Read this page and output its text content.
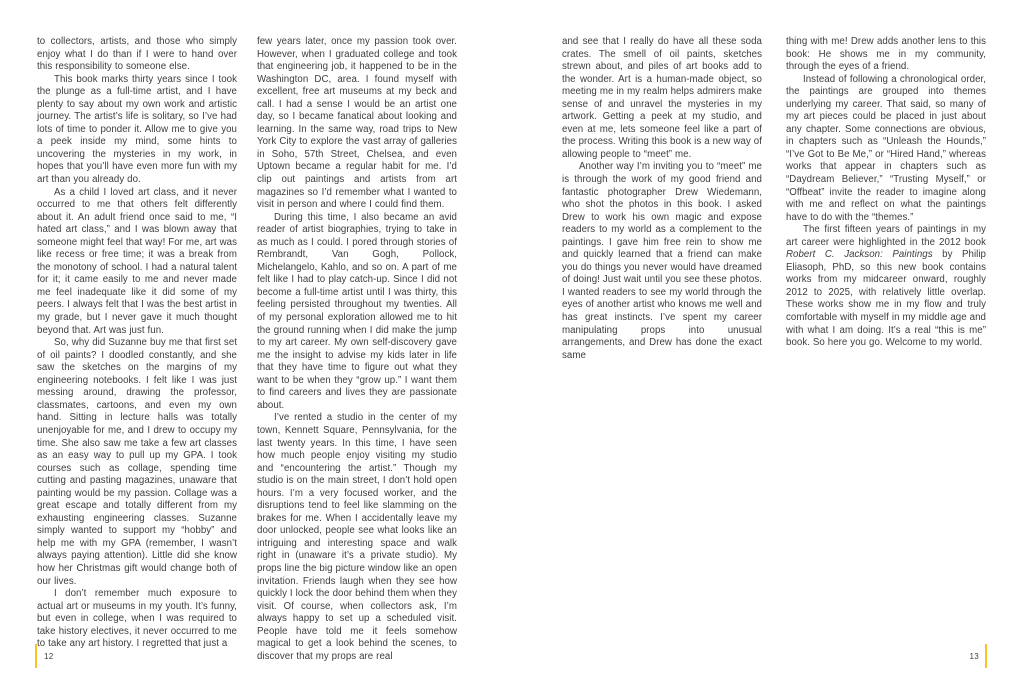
to collectors, artists, and those who simply enjoy what I do than if I were to hand over this responsibility to someone else.

This book marks thirty years since I took the plunge as a full-time artist, and I have plenty to say about my own work and artistic journey. The artist’s life is solitary, so I’ve had lots of time to ponder it. Allow me to give you a peek inside my mind, some hints to uncovering the mysteries in my work, in hopes that you’ll have even more fun with my art than you already do.

As a child I loved art class, and it never occurred to me that others felt differently about it. An adult friend once said to me, “I hated art class,” and I was blown away that someone might feel that way! For me, art was like recess or free time; it was a break from the monotony of school. I had a natural talent for it; it came easily to me and never made me feel inadequate like it did some of my peers. I always felt that I was the best artist in my grade, but I never gave it much thought beyond that. Art was just fun.

So, why did Suzanne buy me that first set of oil paints? I doodled constantly, and she saw the sketches on the margins of my engineering notebooks. I felt like I was just messing around, drawing the professor, classmates, cartoons, and even my own hand. Sitting in lecture halls was totally unenjoyable for me, and I drew to occupy my time. She also saw me take a few art classes as an easy way to pull up my GPA. I took courses such as collage, spending time cutting and pasting magazines, unaware that painting would be my passion. Collage was a great escape and totally different from my exhausting engineering classes. Suzanne simply wanted to support my “hobby” and help me with my GPA (remember, I wasn’t always paying attention). Little did she know how her Christmas gift would change both of our lives.

I don’t remember much exposure to actual art or museums in my youth. It’s funny, but even in college, when I was required to take history electives, it never occurred to me to take any art history. I regretted that just a

few years later, once my passion took over. However, when I graduated college and took that engineering job, it happened to be in the Washington DC, area. I found myself with excellent, free art museums at my beck and call. I had a sense I would be an artist one day, so I became fanatical about looking and learning. In the same way, road trips to New York City to explore the vast array of galleries in Soho, 57th Street, Chelsea, and even Uptown became a regular habit for me. I’d clip out paintings and artists from art magazines so I’d remember what I wanted to visit in person and where I could find them.

During this time, I also became an avid reader of artist biographies, trying to take in as much as I could. I pored through stories of Rembrandt, Van Gogh, Pollock, Michelangelo, Kahlo, and so on. A part of me felt like I had to play catch-up. Since I did not become a full-time artist until I was thirty, this feeling persisted throughout my twenties. All of my personal exploration allowed me to hit the ground running when I did make the jump to my art career. My own self-discovery gave me the insight to advise my kids later in life that they have time to figure out what they want to be when they “grow up.” I want them to find careers and lives they are passionate about.

I’ve rented a studio in the center of my town, Kennett Square, Pennsylvania, for the last twenty years. In this time, I have seen how much people enjoy visiting my studio and “encountering the artist.” Though my studio is on the main street, I don’t hold open hours. I’m a very focused worker, and the disruptions tend to feel like slamming on the brakes for me. When I accidentally leave my door unlocked, people see what looks like an intriguing and interesting space and walk right in (unaware it’s a private studio). My props line the big picture window like an open invitation. Friends laugh when they see how quickly I lock the door behind them when they visit. Of course, when collectors ask, I’m always happy to set up a scheduled visit. People have told me it feels somehow magical to get a look behind the scenes, to discover that my props are real

12

and see that I really do have all these soda crates. The smell of oil paints, sketches strewn about, and piles of art books add to the wonder. Art is a human-made object, so meeting me in my realm helps admirers make sense of and unravel the mysteries in my artwork. Getting a peek at my studio, and even at me, lets someone feel like a part of the process. Writing this book is a new way of allowing people to “meet” me.

Another way I’m inviting you to “meet” me is through the work of my good friend and fantastic photographer Drew Wiedemann, who shot the photos in this book. I asked Drew to work his own magic and expose readers to my world as a complement to the paintings. I gave him free rein to show me and quickly learned that a friend can make you do things you never would have dreamed of doing! Just wait until you see these photos. I wanted readers to see my world through the eyes of another artist who knows me well and has great instincts. I’ve spent my career manipulating props into unusual arrangements, and Drew has done the exact same

thing with me! Drew adds another lens to this book: He shows me in my community, through the eyes of a friend.

Instead of following a chronological order, the paintings are grouped into themes underlying my career. That said, so many of my art pieces could be placed in just about any chapter. Some connections are obvious, in chapters such as “Unleash the Hounds,” “I’ve Got to Be Me,” or “Hired Hand,” whereas works that appear in chapters such as “Daydream Believer,” “Trusting Myself,” or “Offbeat” invite the reader to imagine along with me and reflect on what the paintings have to do with the “themes.”

The first fifteen years of paintings in my art career were highlighted in the 2012 book Robert C. Jackson: Paintings by Philip Eliasoph, PhD, so this new book contains works from my midcareer onward, roughly 2012 to 2025, with relatively little overlap. These works show me in my flow and truly comfortable with myself in my middle age and with what I am doing. It’s a real “this is me” book. So here you go. Welcome to my world.

13
